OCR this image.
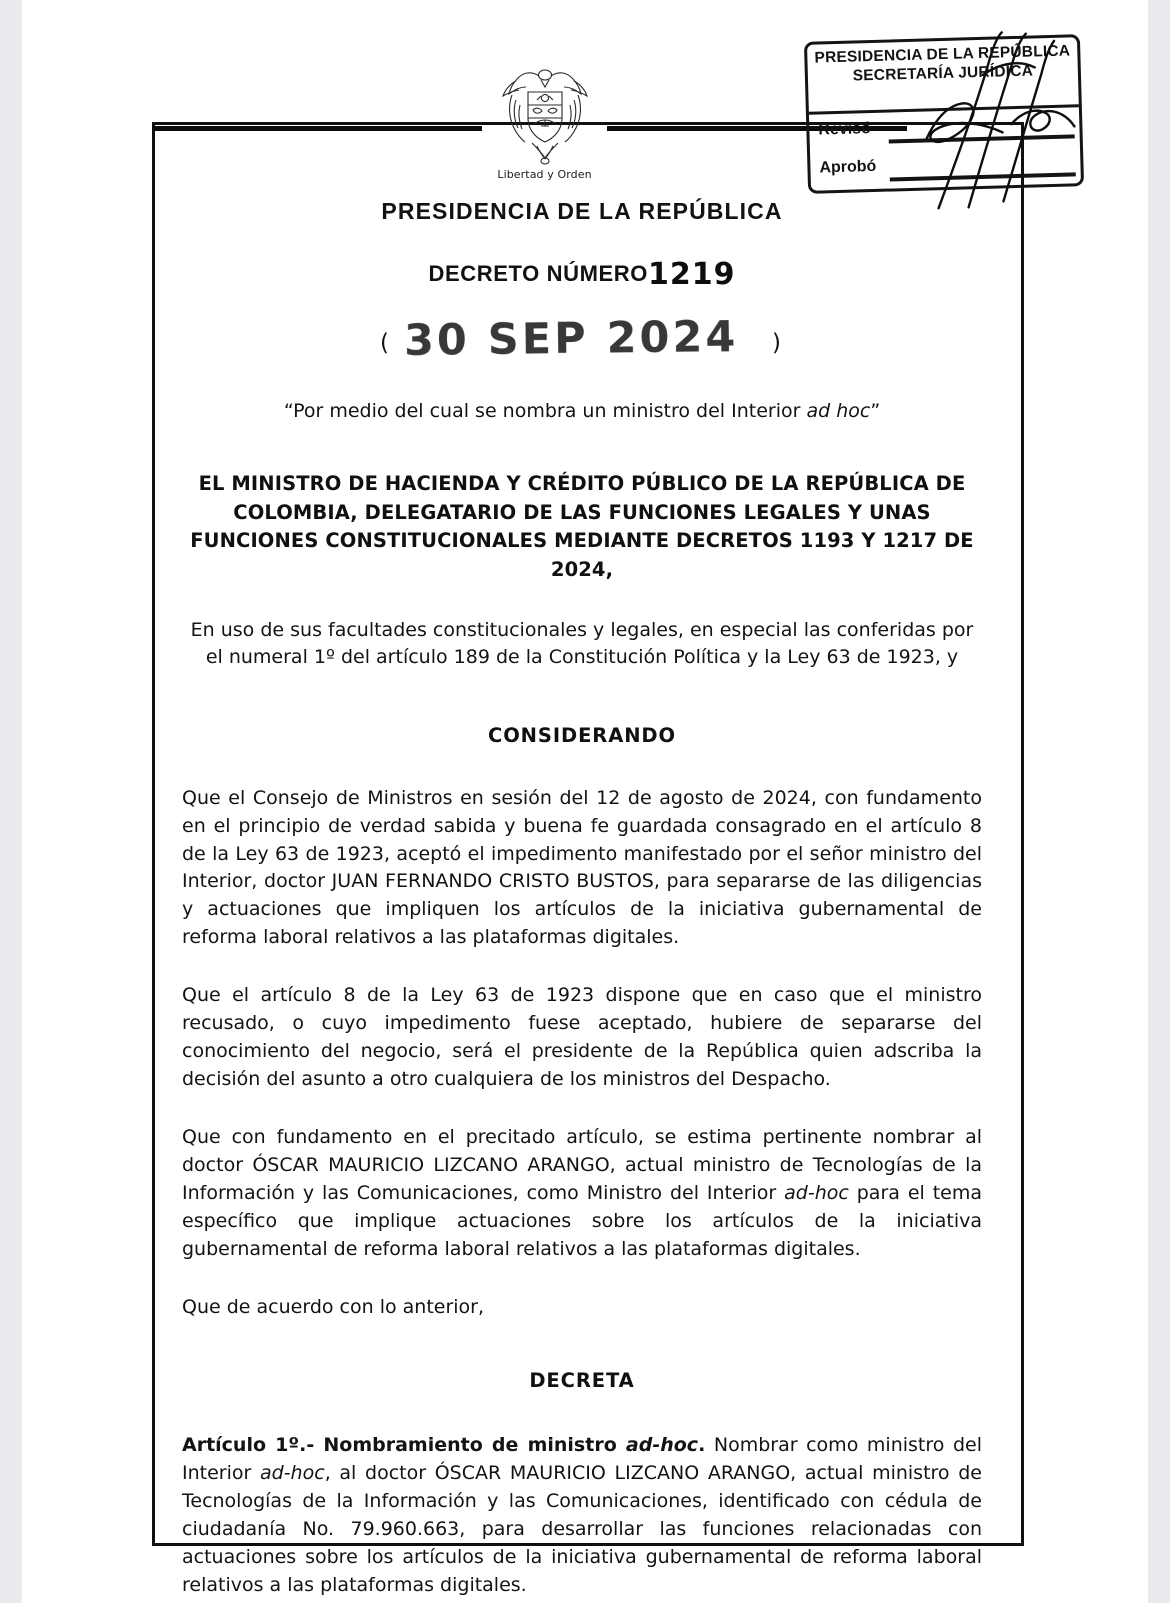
Libertad y Orden
PRESIDENCIA DE LA REPÚBLICA
SECRETARÍA JURÍDICA
Revisó
Aprobó
PRESIDENCIA DE LA REPÚBLICA
DECRETO NÚMERO1219
( 30 SEP 2024 )
“Por medio del cual se nombra un ministro del Interior ad hoc”
EL MINISTRO DE HACIENDA Y CRÉDITO PÚBLICO DE LA REPÚBLICA DE COLOMBIA, DELEGATARIO DE LAS FUNCIONES LEGALES Y UNAS FUNCIONES CONSTITUCIONALES MEDIANTE DECRETOS 1193 Y 1217 DE 2024,
En uso de sus facultades constitucionales y legales, en especial las conferidas por el numeral 1º del artículo 189 de la Constitución Política y la Ley 63 de 1923, y
CONSIDERANDO

Que el Consejo de Ministros en sesión del 12 de agosto de 2024, con fundamento en el principio de verdad sabida y buena fe guardada consagrado en el artículo 8 de la Ley 63 de 1923, aceptó el impedimento manifestado por el señor ministro del Interior, doctor JUAN FERNANDO CRISTO BUSTOS, para separarse de las diligencias y actuaciones que impliquen los artículos de la iniciativa gubernamental de reforma laboral relativos a las plataformas digitales.

Que el artículo 8 de la Ley 63 de 1923 dispone que en caso que el ministro recusado, o cuyo impedimento fuese aceptado, hubiere de separarse del conocimiento del negocio, será el presidente de la República quien adscriba la decisión del asunto a otro cualquiera de los ministros del Despacho.

Que con fundamento en el precitado artículo, se estima pertinente nombrar al doctor ÓSCAR MAURICIO LIZCANO ARANGO, actual ministro de Tecnologías de la Información y las Comunicaciones, como Ministro del Interior ad-hoc para el tema específico que implique actuaciones sobre los artículos de la iniciativa gubernamental de reforma laboral relativos a las plataformas digitales.

Que de acuerdo con lo anterior,

DECRETA

Artículo 1º.- Nombramiento de ministro ad-hoc. Nombrar como ministro del Interior ad-hoc, al doctor ÓSCAR MAURICIO LIZCANO ARANGO, actual ministro de Tecnologías de la Información y las Comunicaciones, identificado con cédula de ciudadanía No. 79.960.663, para desarrollar las funciones relacionadas con actuaciones sobre los artículos de la iniciativa gubernamental de reforma laboral relativos a las plataformas digitales.
